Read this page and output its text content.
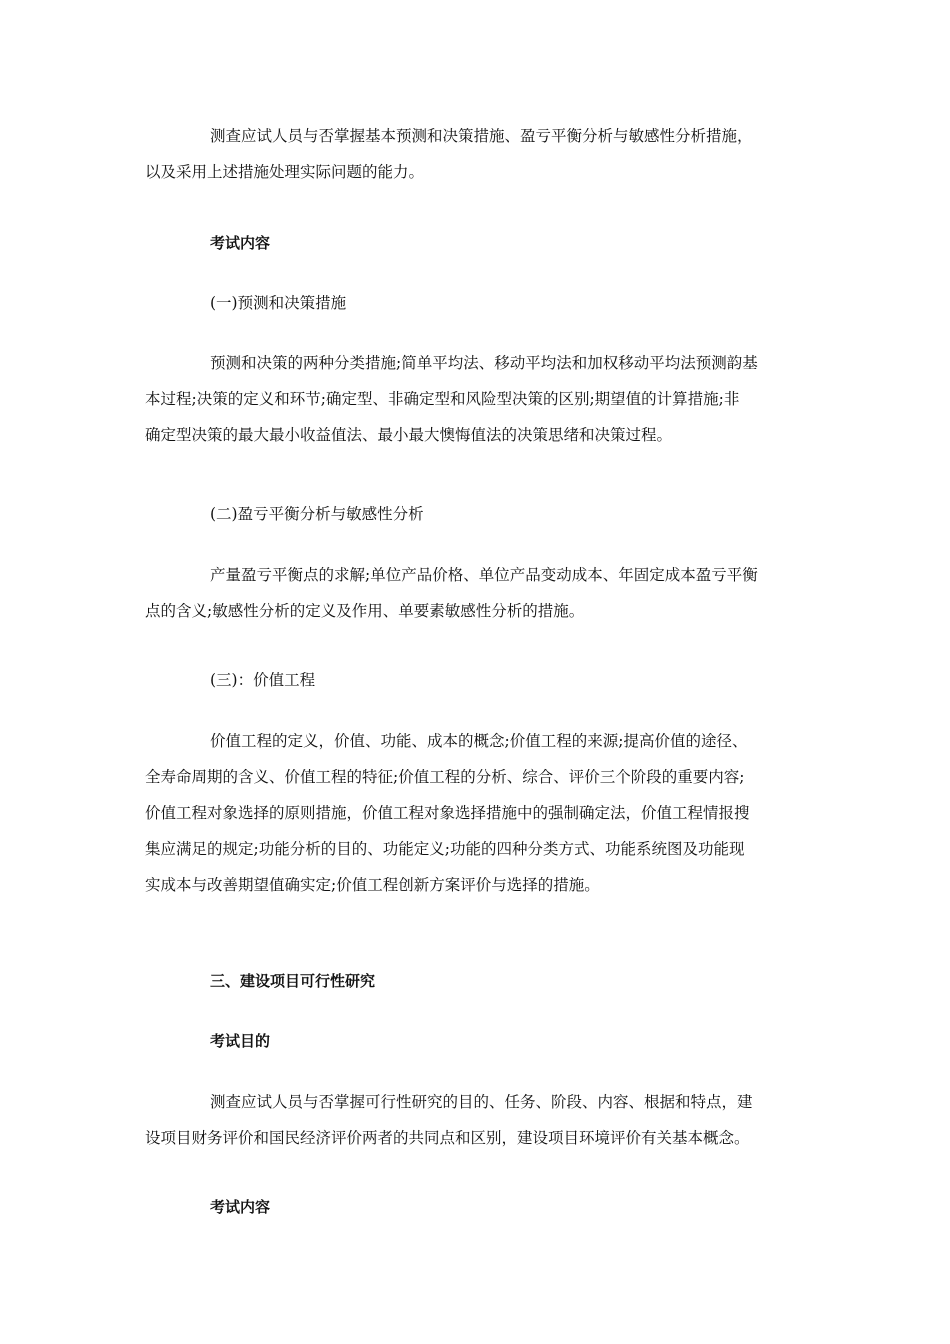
测查应试人员与否掌握基本预测和决策措施、盈亏平衡分析与敏感性分析措施，
以及采用上述措施处理实际问题的能力。
考试内容
(一)预测和决策措施
预测和决策的两种分类措施;简单平均法、移动平均法和加权移动平均法预测韵基
本过程;决策的定义和环节;确定型、非确定型和风险型决策的区别;期望值的计算措施;非
确定型决策的最大最小收益值法、最小最大懊悔值法的决策思绪和决策过程。
(二)盈亏平衡分析与敏感性分析
产量盈亏平衡点的求解;单位产品价格、单位产品变动成本、年固定成本盈亏平衡
点的含义;敏感性分析的定义及作用、单要素敏感性分析的措施。
(三)：价值工程
价值工程的定义，价值、功能、成本的概念;价值工程的来源;提高价值的途径、
全寿命周期的含义、价值工程的特征;价值工程的分析、综合、评价三个阶段的重要内容;
价值工程对象选择的原则措施，价值工程对象选择措施中的强制确定法，价值工程情报搜
集应满足的规定;功能分析的目的、功能定义;功能的四种分类方式、功能系统图及功能现
实成本与改善期望值确实定;价值工程创新方案评价与选择的措施。
三、建设项目可行性研究
考试目的
测查应试人员与否掌握可行性研究的目的、任务、阶段、内容、根据和特点，建
设项目财务评价和国民经济评价两者的共同点和区别，建设项目环境评价有关基本概念。
考试内容
